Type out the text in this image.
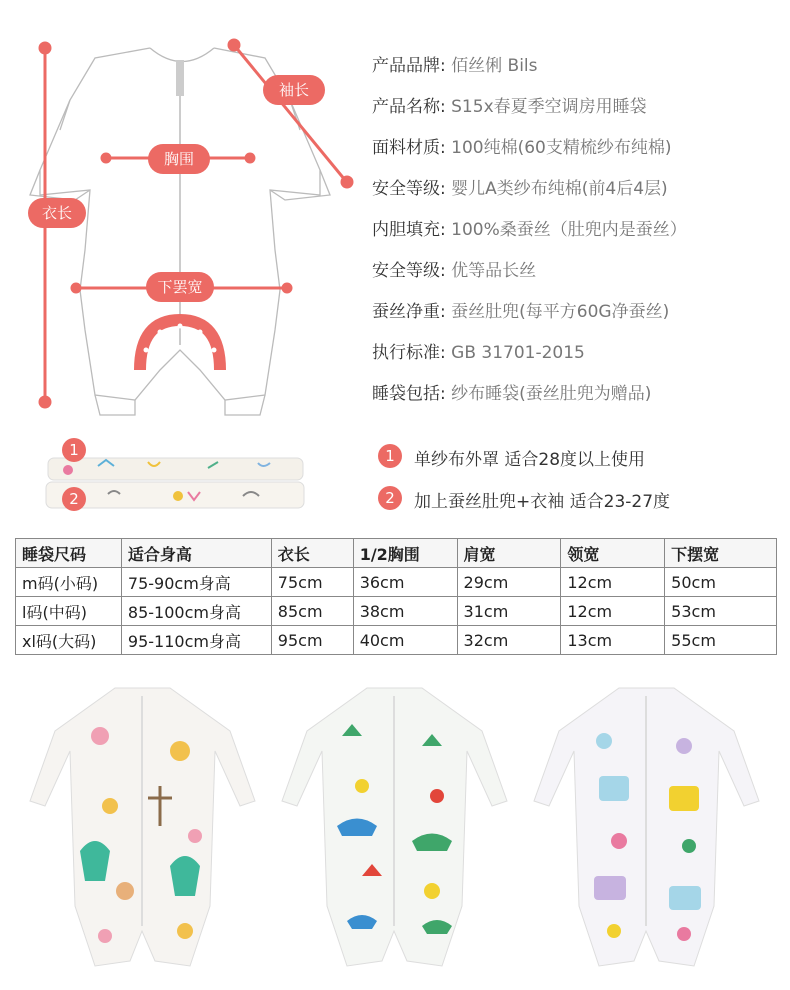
袖长
胸围
衣长
下罢宽
产品品牌: 佰丝俐 Bils
产品名称: S15x春夏季空调房用睡袋
面料材质: 100纯棉(60支精梳纱布纯棉)
安全等级: 婴儿A类纱布纯棉(前4后4层)
内胆填充: 100%桑蚕丝（肚兜内是蚕丝）
安全等级: 优等品长丝
蚕丝净重: 蚕丝肚兜(每平方60G净蚕丝)
执行标准: GB 31701-2015
睡袋包括: 纱布睡袋(蚕丝肚兜为赠品)
1
2
1	单纱布外罩 适合28度以上使用
2	加上蚕丝肚兜+衣袖 适合23-27度
睡袋尺码	适合身高	衣长	1/2胸围	肩宽	领宽	下摆宽
m码(小码)	75-90cm身高	75cm	36cm	29cm	12cm	50cm
l码(中码)	85-100cm身高	85cm	38cm	31cm	12cm	53cm
xl码(大码)	95-110cm身高	95cm	40cm	32cm	13cm	55cm
